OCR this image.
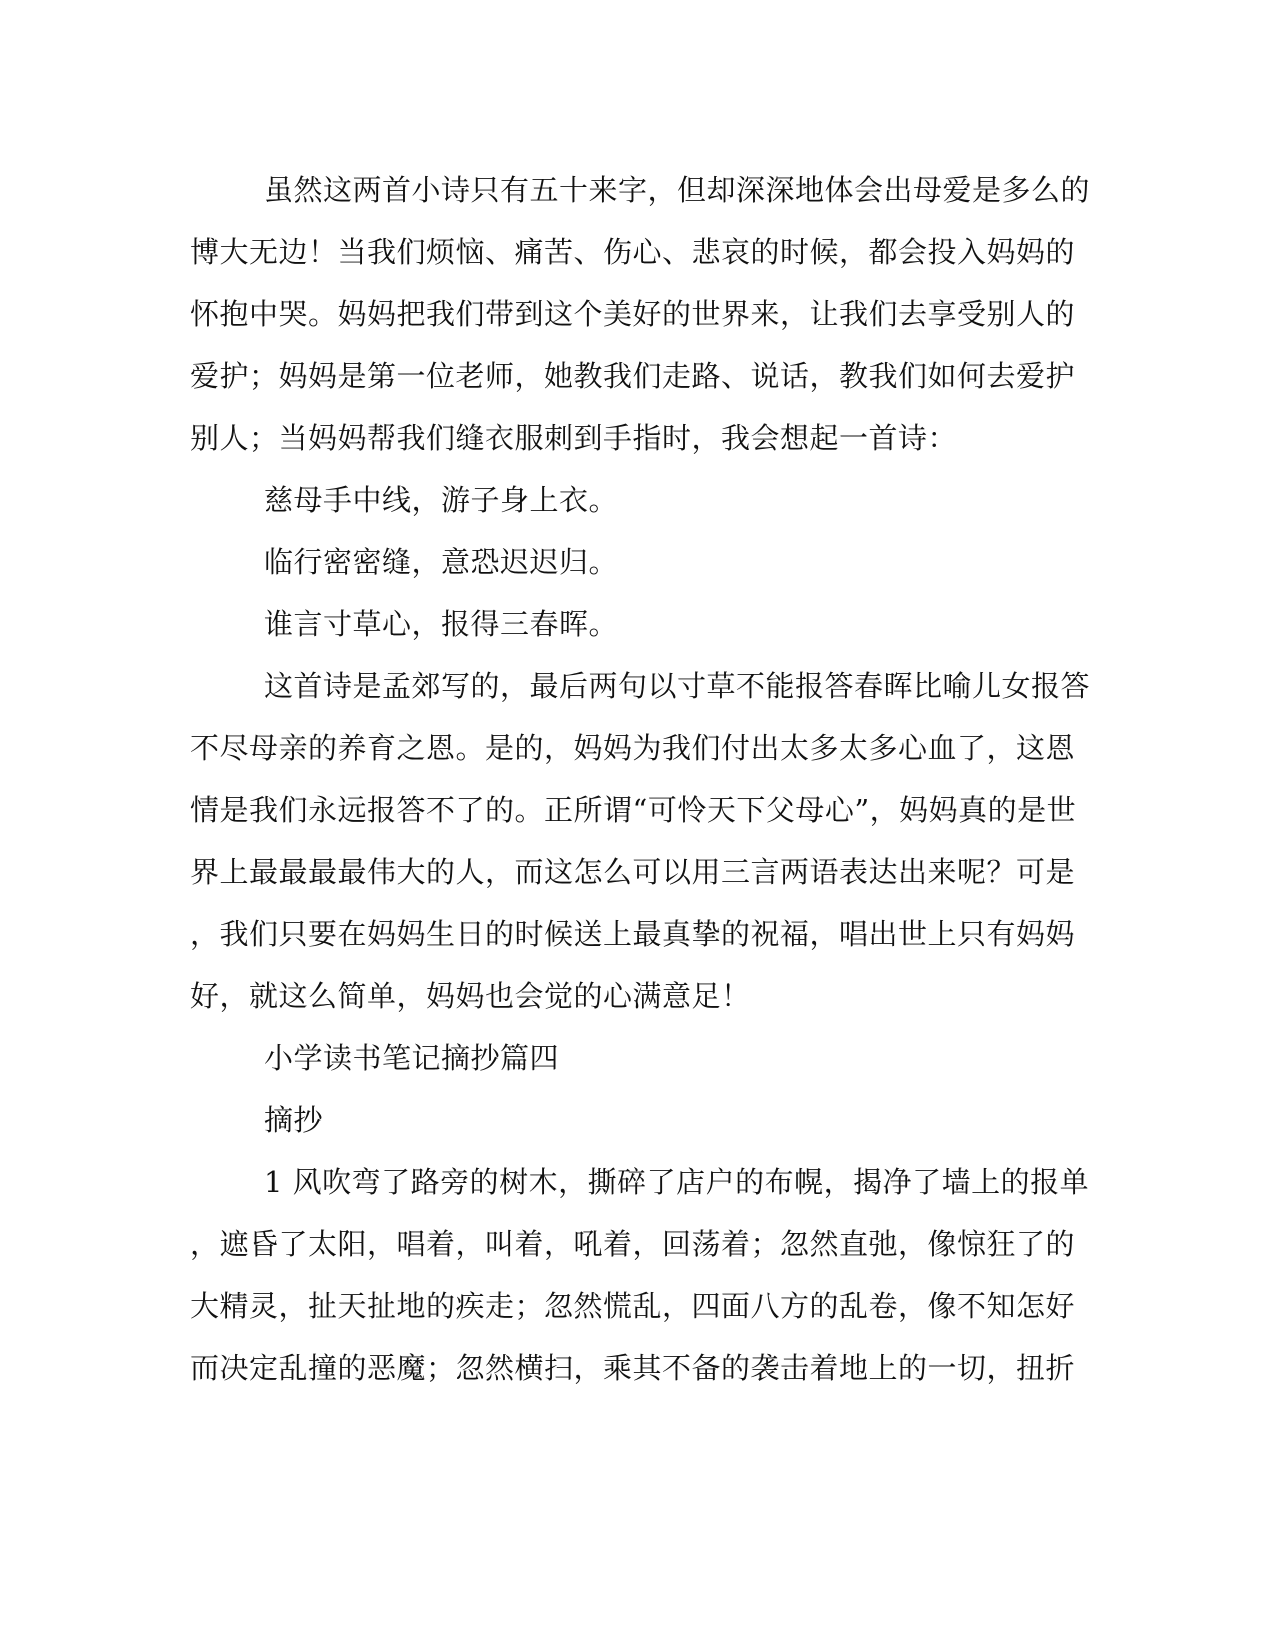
虽然这两首小诗只有五十来字，但却深深地体会出母爱是多么的
博大无边！当我们烦恼、痛苦、伤心、悲哀的时候，都会投入妈妈的
怀抱中哭。妈妈把我们带到这个美好的世界来，让我们去享受别人的
爱护；妈妈是第一位老师，她教我们走路、说话，教我们如何去爱护
别人；当妈妈帮我们缝衣服刺到手指时，我会想起一首诗：
慈母手中线，游子身上衣。
临行密密缝，意恐迟迟归。
谁言寸草心，报得三春晖。
这首诗是孟郊写的，最后两句以寸草不能报答春晖比喻儿女报答
不尽母亲的养育之恩。是的，妈妈为我们付出太多太多心血了，这恩
情是我们永远报答不了的。正所谓“可怜天下父母心”，妈妈真的是世
界上最最最最伟大的人，而这怎么可以用三言两语表达出来呢？可是
，我们只要在妈妈生日的时候送上最真挚的祝福，唱出世上只有妈妈
好，就这么简单，妈妈也会觉的心满意足！
小学读书笔记摘抄篇四
摘抄
1 风吹弯了路旁的树木，撕碎了店户的布幌，揭净了墙上的报单
，遮昏了太阳，唱着，叫着，吼着，回荡着；忽然直弛，像惊狂了的
大精灵，扯天扯地的疾走；忽然慌乱，四面八方的乱卷，像不知怎好
而决定乱撞的恶魔；忽然横扫，乘其不备的袭击着地上的一切，扭折
